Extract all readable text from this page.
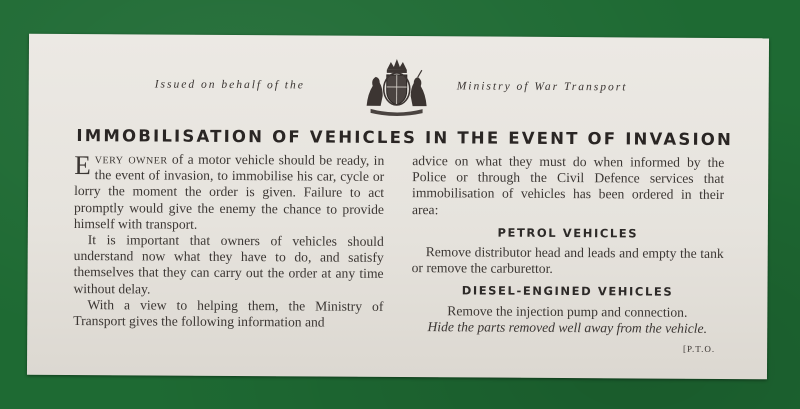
Issued on behalf of the	Ministry of War Transport
IMMOBILISATION OF VEHICLES IN THE EVENT OF INVASION

Every owner of a motor vehicle should be ready, in the event of invasion, to immobilise his car, cycle or lorry the moment the order is given. Failure to act promptly would give the enemy the chance to provide himself with transport.

It is important that owners of vehicles should understand now what they have to do, and satisfy themselves that they can carry out the order at any time without delay.

With a view to helping them, the Ministry of Transport gives the following information and

advice on what they must do when informed by the Police or through the Civil Defence services that immobilisation of vehicles has been ordered in their area:

PETROL VEHICLES

Remove distributor head and leads and empty the tank or remove the carburettor.

DIESEL-ENGINED VEHICLES

Remove the injection pump and connection.

Hide the parts removed well away from the vehicle.

[P.T.O.
